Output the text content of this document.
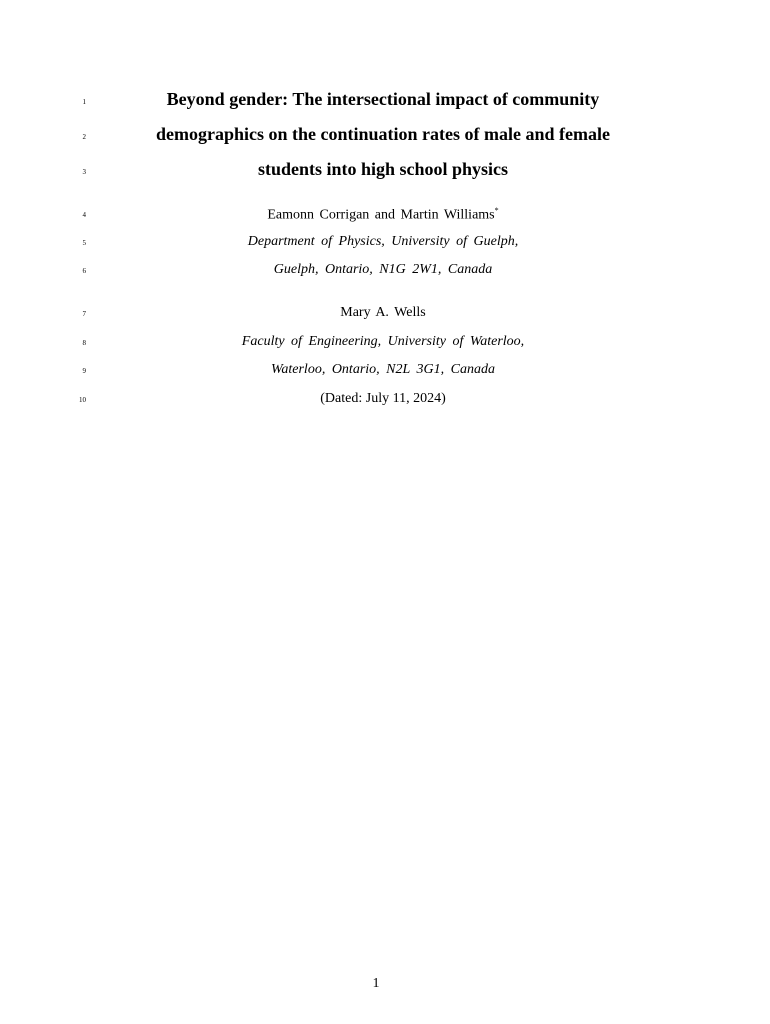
1	Beyond gender: The intersectional impact of community
2	demographics on the continuation rates of male and female
3	students into high school physics
4	Eamonn Corrigan and Martin Williams*
5	Department of Physics, University of Guelph,
6	Guelph, Ontario, N1G 2W1, Canada
7	Mary A. Wells
8	Faculty of Engineering, University of Waterloo,
9	Waterloo, Ontario, N2L 3G1, Canada
10	(Dated: July 11, 2024)
1
